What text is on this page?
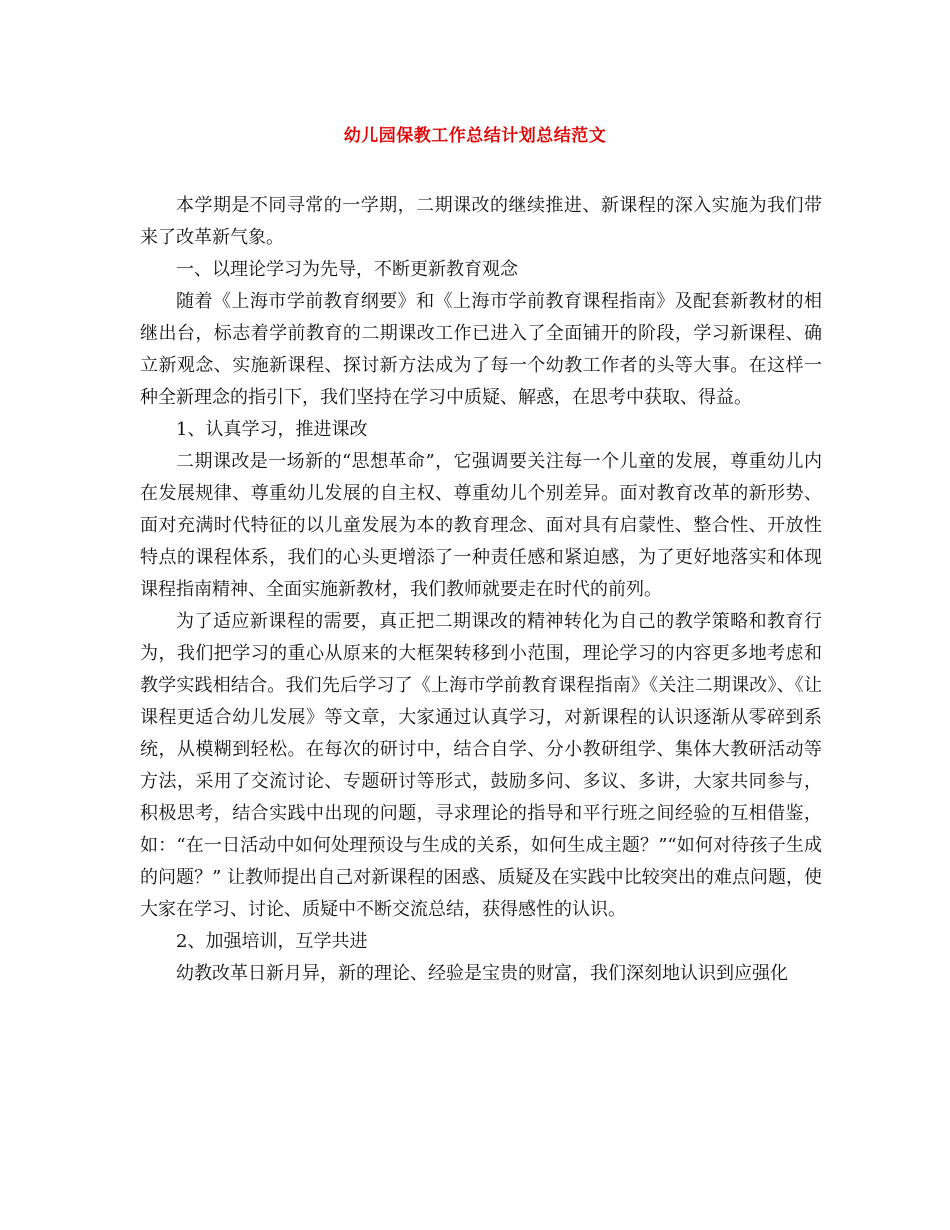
幼儿园保教工作总结计划总结范文

本学期是不同寻常的一学期，二期课改的继续推进、新课程的深入实施为我们带来了改革新气象。

一、以理论学习为先导，不断更新教育观念

随着《上海市学前教育纲要》和《上海市学前教育课程指南》及配套新教材的相继出台，标志着学前教育的二期课改工作已进入了全面铺开的阶段，学习新课程、确立新观念、实施新课程、探讨新方法成为了每一个幼教工作者的头等大事。在这样一种全新理念的指引下，我们坚持在学习中质疑、解惑，在思考中获取、得益。

1、认真学习，推进课改

二期课改是一场新的“思想革命”，它强调要关注每一个儿童的发展，尊重幼儿内在发展规律、尊重幼儿发展的自主权、尊重幼儿个别差异。面对教育改革的新形势、面对充满时代特征的以儿童发展为本的教育理念、面对具有启蒙性、整合性、开放性特点的课程体系，我们的心头更增添了一种责任感和紧迫感，为了更好地落实和体现课程指南精神、全面实施新教材，我们教师就要走在时代的前列。

为了适应新课程的需要，真正把二期课改的精神转化为自己的教学策略和教育行为，我们把学习的重心从原来的大框架转移到小范围，理论学习的内容更多地考虑和教学实践相结合。我们先后学习了《上海市学前教育课程指南》《关注二期课改》、《让课程更适合幼儿发展》等文章，大家通过认真学习，对新课程的认识逐渐从零碎到系统，从模糊到轻松。在每次的研讨中，结合自学、分小教研组学、集体大教研活动等方法，采用了交流讨论、专题研讨等形式，鼓励多问、多议、多讲，大家共同参与，积极思考，结合实践中出现的问题，寻求理论的指导和平行班之间经验的互相借鉴，如：“在一日活动中如何处理预设与生成的关系，如何生成主题？”“如何对待孩子生成的问题？” 让教师提出自己对新课程的困惑、质疑及在实践中比较突出的难点问题，使大家在学习、讨论、质疑中不断交流总结，获得感性的认识。

2、加强培训，互学共进

幼教改革日新月异，新的理论、经验是宝贵的财富，我们深刻地认识到应强化
